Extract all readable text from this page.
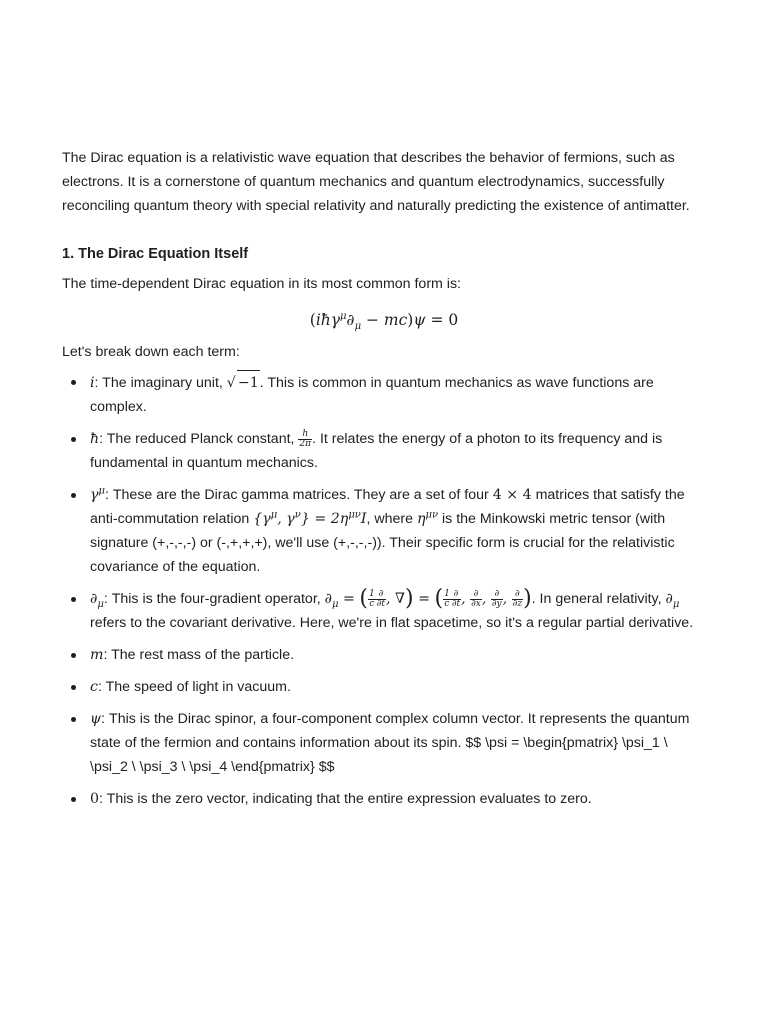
The Dirac equation is a relativistic wave equation that describes the behavior of fermions, such as electrons. It is a cornerstone of quantum mechanics and quantum electrodynamics, successfully reconciling quantum theory with special relativity and naturally predicting the existence of antimatter.

1. The Dirac Equation Itself

The time-dependent Dirac equation in its most common form is:

$(iħ\gamma^\mu\partial_\mu - mc)\psi = 0$

Let's break down each term:

i: The imaginary unit, √ −1. This is common in quantum mechanics as wave functions are complex.
ħ: The reduced Planck constant, $\frac{h}{2\pi}$ . It relates the energy of a photon to its frequency and is fundamental in quantum mechanics.
$\gamma^\mu$: These are the Dirac gamma matrices. They are a set of four 4 × 4 matrices that satisfy the anti-commutation relation {$\gamma^\mu$, $\gamma^\nu\} = 2\eta^{\mu\nu}I$, where $\eta^{\mu\nu}$ is the Minkowski metric tensor (with signature (+,-,-,-) or (-,+,+,+), we'll use (+,-,-,-)). Their specific form is crucial for the relativistic covariance of the equation.
$\partial_\mu$: This is the four-gradient operator, $\partial_\mu$ = ( $\frac{1}{c} \frac{\partial}{\partial t}$ , ∇) = ( $\frac{1}{c} \frac{\partial}{\partial t}$ , $\frac{\partial}{\partial x}$ , $\frac{\partial}{\partial y}$ , $\frac{\partial}{\partial z}$ ). In general relativity, $\partial_\mu$ refers to the covariant derivative. Here, we're in flat spacetime, so it's a regular partial derivative.
m: The rest mass of the particle.
c: The speed of light in vacuum.
ψ: This is the Dirac spinor, a four-component complex column vector. It represents the quantum state of the fermion and contains information about its spin. $$ \psi = \begin{pmatrix} \psi_1 \ \psi_2 \ \psi_3 \ \psi_4 \end{pmatrix} $$
0: This is the zero vector, indicating that the entire expression evaluates to zero.
